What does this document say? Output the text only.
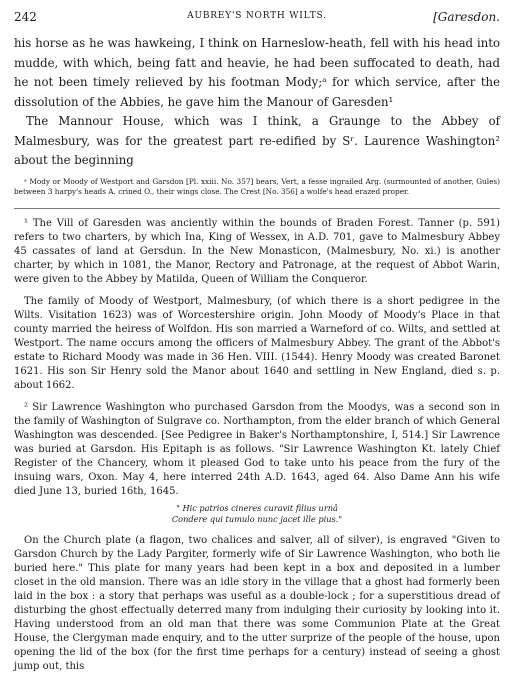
242	AUBREY'S NORTH WILTS.	[Garesdon.

his horse as he was hawkeing, I think on Harneslow-heath, fell with his head into mudde, with which, being fatt and heavie, he had been suffocated to death, had he not been timely relieved by his footman Mody;ᵃ for which service, after the dissolution of the Abbies, he gave him the Manour of Garesden¹

The Mannour House, which was I think, a Graunge to the Abbey of Malmesbury, was for the greatest part re-edified by Sʳ. Laurence Washington² about the beginning

ᵃ Mody or Moody of Westport and Garsdon [Pl. xxiii. No. 357] bears, Vert, a fesse ingrailed Arg. (surmounted of another, Gules) between 3 harpy's heads A. crined O., their wings close. The Crest [No. 356] a wolfe's head erazed proper.

¹ The Vill of Garesden was anciently within the bounds of Braden Forest. Tanner (p. 591) refers to two charters, by which Ina, King of Wessex, in A.D. 701, gave to Malmesbury Abbey 45 cassates of land at Gersdun. In the New Monasticon, (Malmesbury, No. xi.) is another charter, by which in 1081, the Manor, Rectory and Patronage, at the request of Abbot Warin, were given to the Abbey by Matilda, Queen of William the Conqueror.

The family of Moody of Westport, Malmesbury, (of which there is a short pedigree in the Wilts. Visitation 1623) was of Worcestershire origin. John Moody of Moody's Place in that county married the heiress of Wolfdon. His son married a Warneford of co. Wilts, and settled at Westport. The name occurs among the officers of Malmesbury Abbey. The grant of the Abbot's estate to Richard Moody was made in 36 Hen. VIII. (1544). Henry Moody was created Baronet 1621. His son Sir Henry sold the Manor about 1640 and settling in New England, died s. p. about 1662.

² Sir Lawrence Washington who purchased Garsdon from the Moodys, was a second son in the family of Washington of Sulgrave co. Northampton, from the elder branch of which General Washington was descended. [See Pedigree in Baker's Northamptonshire, I, 514.] Sir Lawrence was buried at Garsdon. His Epitaph is as follows. "Sir Lawrence Washington Kt. lately Chief Register of the Chancery, whom it pleased God to take unto his peace from the fury of the insuing wars, Oxon. May 4, here interred 24th A.D. 1643, aged 64. Also Dame Ann his wife died June 13, buried 16th, 1645.

" Hic patrios cineres curavit filius urnâ
Condere qui tumulo nunc jacet ille pius."

On the Church plate (a flagon, two chalices and salver, all of silver), is engraved "Given to Garsdon Church by the Lady Pargiter, formerly wife of Sir Lawrence Washington, who both lie buried here." This plate for many years had been kept in a box and deposited in a lumber closet in the old mansion. There was an idle story in the village that a ghost had formerly been laid in the box : a story that perhaps was useful as a double-lock ; for a superstitious dread of disturbing the ghost effectually deterred many from indulging their curiosity by looking into it. Having understood from an old man that there was some Communion Plate at the Great House, the Clergyman made enquiry, and to the utter surprize of the people of the house, upon opening the lid of the box (for the first time perhaps for a century) instead of seeing a ghost jump out, this
